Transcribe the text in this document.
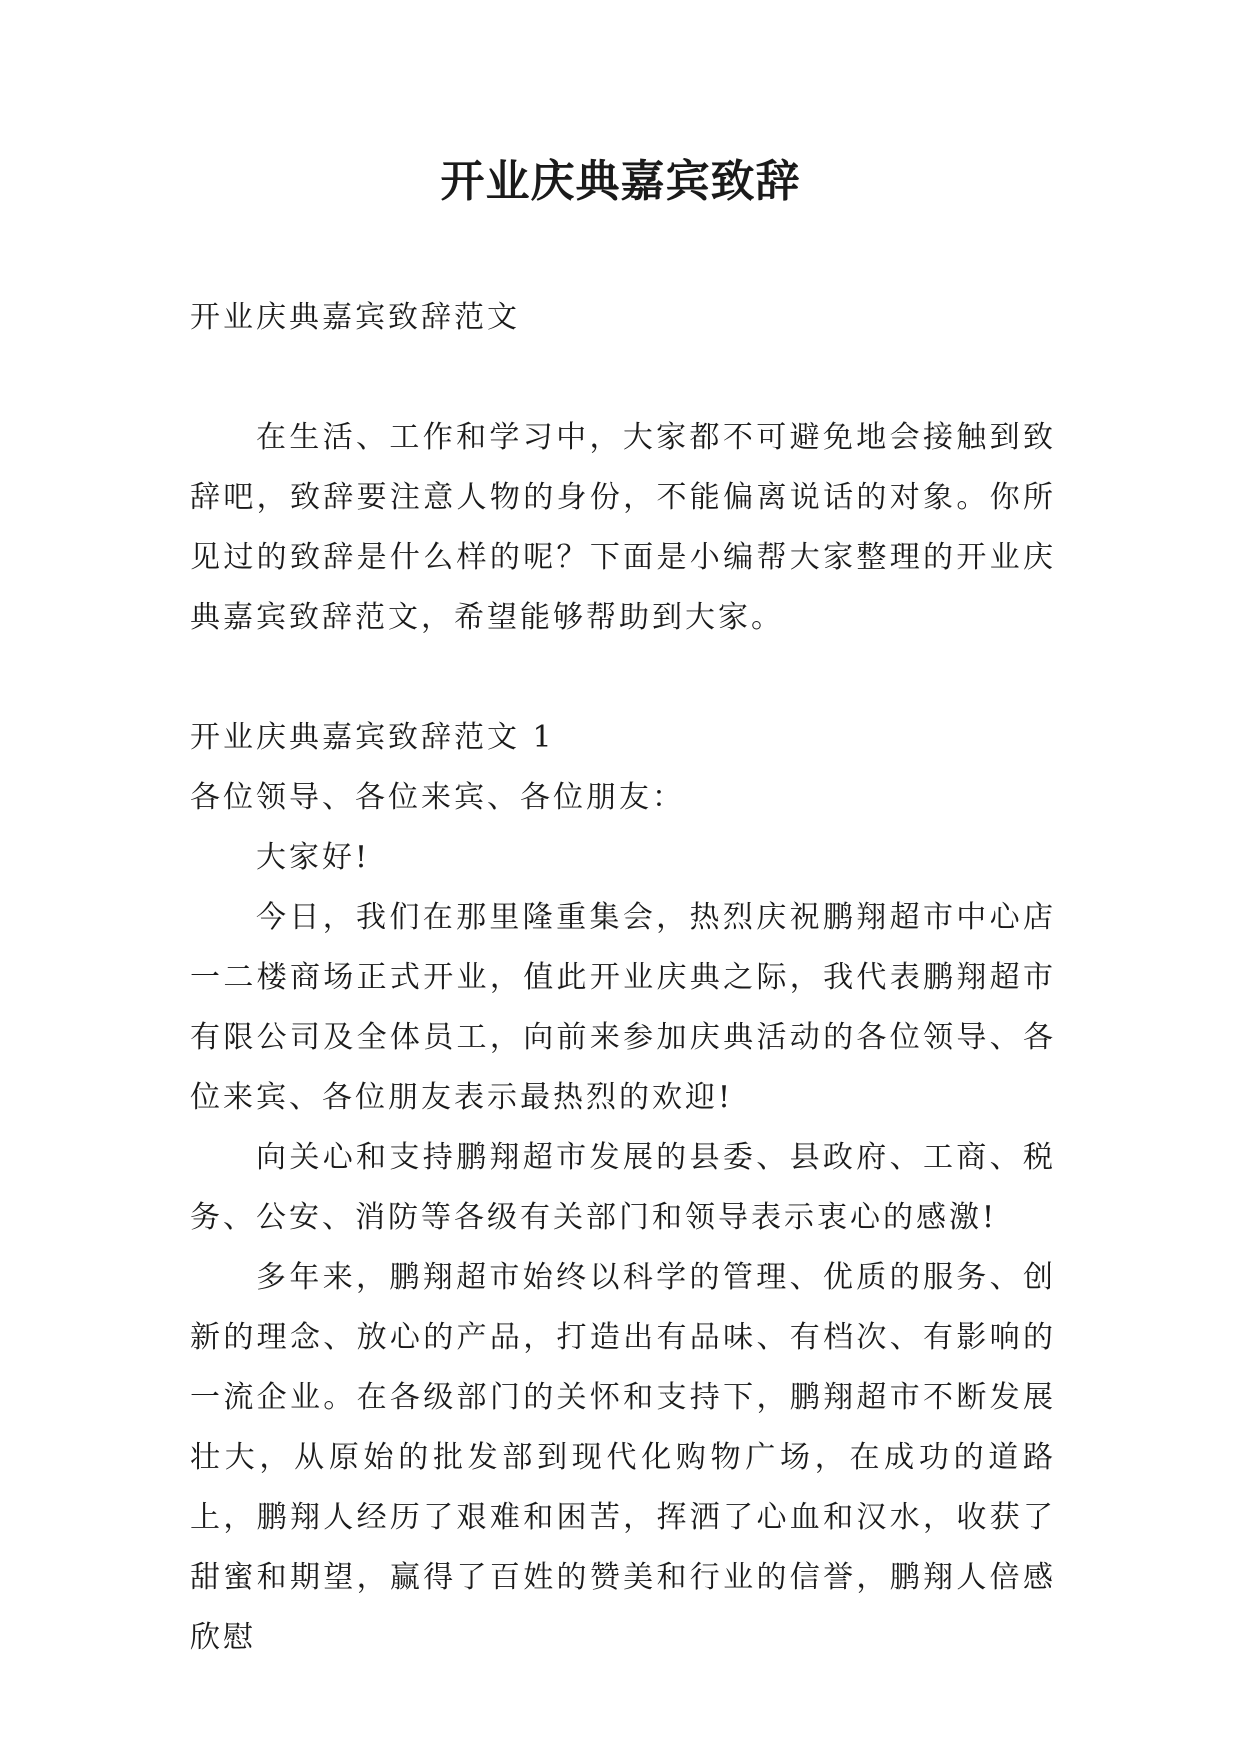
开业庆典嘉宾致辞

开业庆典嘉宾致辞范文

在生活、工作和学习中，大家都不可避免地会接触到致辞吧，致辞要注意人物的身份，不能偏离说话的对象。你所见过的致辞是什么样的呢？下面是小编帮大家整理的开业庆典嘉宾致辞范文，希望能够帮助到大家。

开业庆典嘉宾致辞范文 1

各位领导、各位来宾、各位朋友：

大家好!

今日，我们在那里隆重集会，热烈庆祝鹏翔超市中心店一二楼商场正式开业，值此开业庆典之际，我代表鹏翔超市有限公司及全体员工，向前来参加庆典活动的各位领导、各位来宾、各位朋友表示最热烈的欢迎!

向关心和支持鹏翔超市发展的县委、县政府、工商、税务、公安、消防等各级有关部门和领导表示衷心的感激!

多年来，鹏翔超市始终以科学的管理、优质的服务、创新的理念、放心的产品，打造出有品味、有档次、有影响的一流企业。在各级部门的关怀和支持下，鹏翔超市不断发展壮大，从原始的批发部到现代化购物广场，在成功的道路上，鹏翔人经历了艰难和困苦，挥洒了心血和汉水，收获了甜蜜和期望，赢得了百姓的赞美和行业的信誉，鹏翔人倍感欣慰
